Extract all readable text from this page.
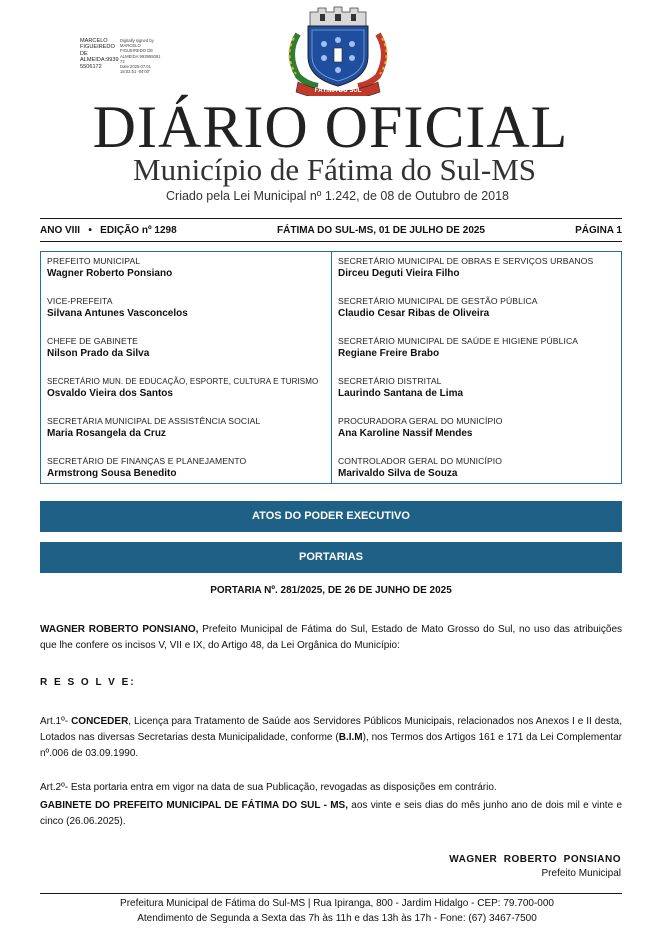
MARCELO
FIGUEIREDO
DE
ALMEIDA:9939
5506172
Digitally signed by
MARCELO
FIGUEIREDO DE
ALMEIDA:993955061
72
Date:2025.07.01
18:02:51 -04'00'
FÁTIMA DO SUL
DIÁRIO OFICIAL
Município de Fátima do Sul-MS
Criado pela Lei Municipal nº 1.242, de 08 de Outubro de 2018
ANO VIII   •   EDIÇÃO nº 1298	FÁTIMA DO SUL-MS, 01 DE JULHO DE 2025	PÁGINA 1
PREFEITO MUNICIPAL
Wagner Roberto Ponsiano
VICE-PREFEITA
Silvana Antunes Vasconcelos
CHEFE DE GABINETE
Nilson Prado da Silva
SECRETÁRIO MUN. DE EDUCAÇÃO, ESPORTE, CULTURA E TURISMO
Osvaldo Vieira dos Santos
SECRETÁRIA MUNICIPAL DE ASSISTÊNCIA SOCIAL
Maria Rosangela da Cruz
SECRETÁRIO DE FINANÇAS E PLANEJAMENTO
Armstrong Sousa Benedito
SECRETÁRIO MUNICIPAL DE OBRAS E SERVIÇOS URBANOS
Dirceu Deguti Vieira Filho
SECRETÁRIO MUNICIPAL DE GESTÃO PÚBLICA
Claudio Cesar Ribas de Oliveira
SECRETÁRIO MUNICIPAL DE SAÚDE E HIGIENE PÚBLICA
Regiane Freire Brabo
SECRETÁRIO DISTRITAL
Laurindo Santana de Lima
PROCURADORA GERAL DO MUNICÍPIO
Ana Karoline Nassif Mendes
CONTROLADOR GERAL DO MUNICÍPIO
Marivaldo Silva de Souza
ATOS DO PODER EXECUTIVO
PORTARIAS
PORTARIA Nº. 281/2025, DE 26 DE JUNHO DE 2025
WAGNER ROBERTO PONSIANO, Prefeito Municipal de Fátima do Sul, Estado de Mato Grosso do Sul, no uso das atribuições que lhe confere os incisos V, VII e IX, do Artigo 48, da Lei Orgânica do Município:
R E S O L V E:
Art.1º- CONCEDER, Licença para Tratamento de Saúde aos Servidores Públicos Municipais, relacionados nos Anexos I e II desta, Lotados nas diversas Secretarias desta Municipalidade, conforme (B.I.M), nos Termos dos Artigos 161 e 171 da Lei Complementar nº.006 de 03.09.1990.
Art.2º- Esta portaria entra em vigor na data de sua Publicação, revogadas as disposições em contrário.
GABINETE DO PREFEITO MUNICIPAL DE FÁTIMA DO SUL - MS, aos vinte e seis dias do mês junho ano de dois mil e vinte e cinco (26.06.2025).
WAGNER  ROBERTO  PONSIANO
Prefeito Municipal
Prefeitura Municipal de Fátima do Sul-MS | Rua Ipiranga, 800 - Jardim Hidalgo - CEP: 79.700-000
Atendimento de Segunda a Sexta das 7h às 11h e das 13h às 17h - Fone: (67) 3467-7500
